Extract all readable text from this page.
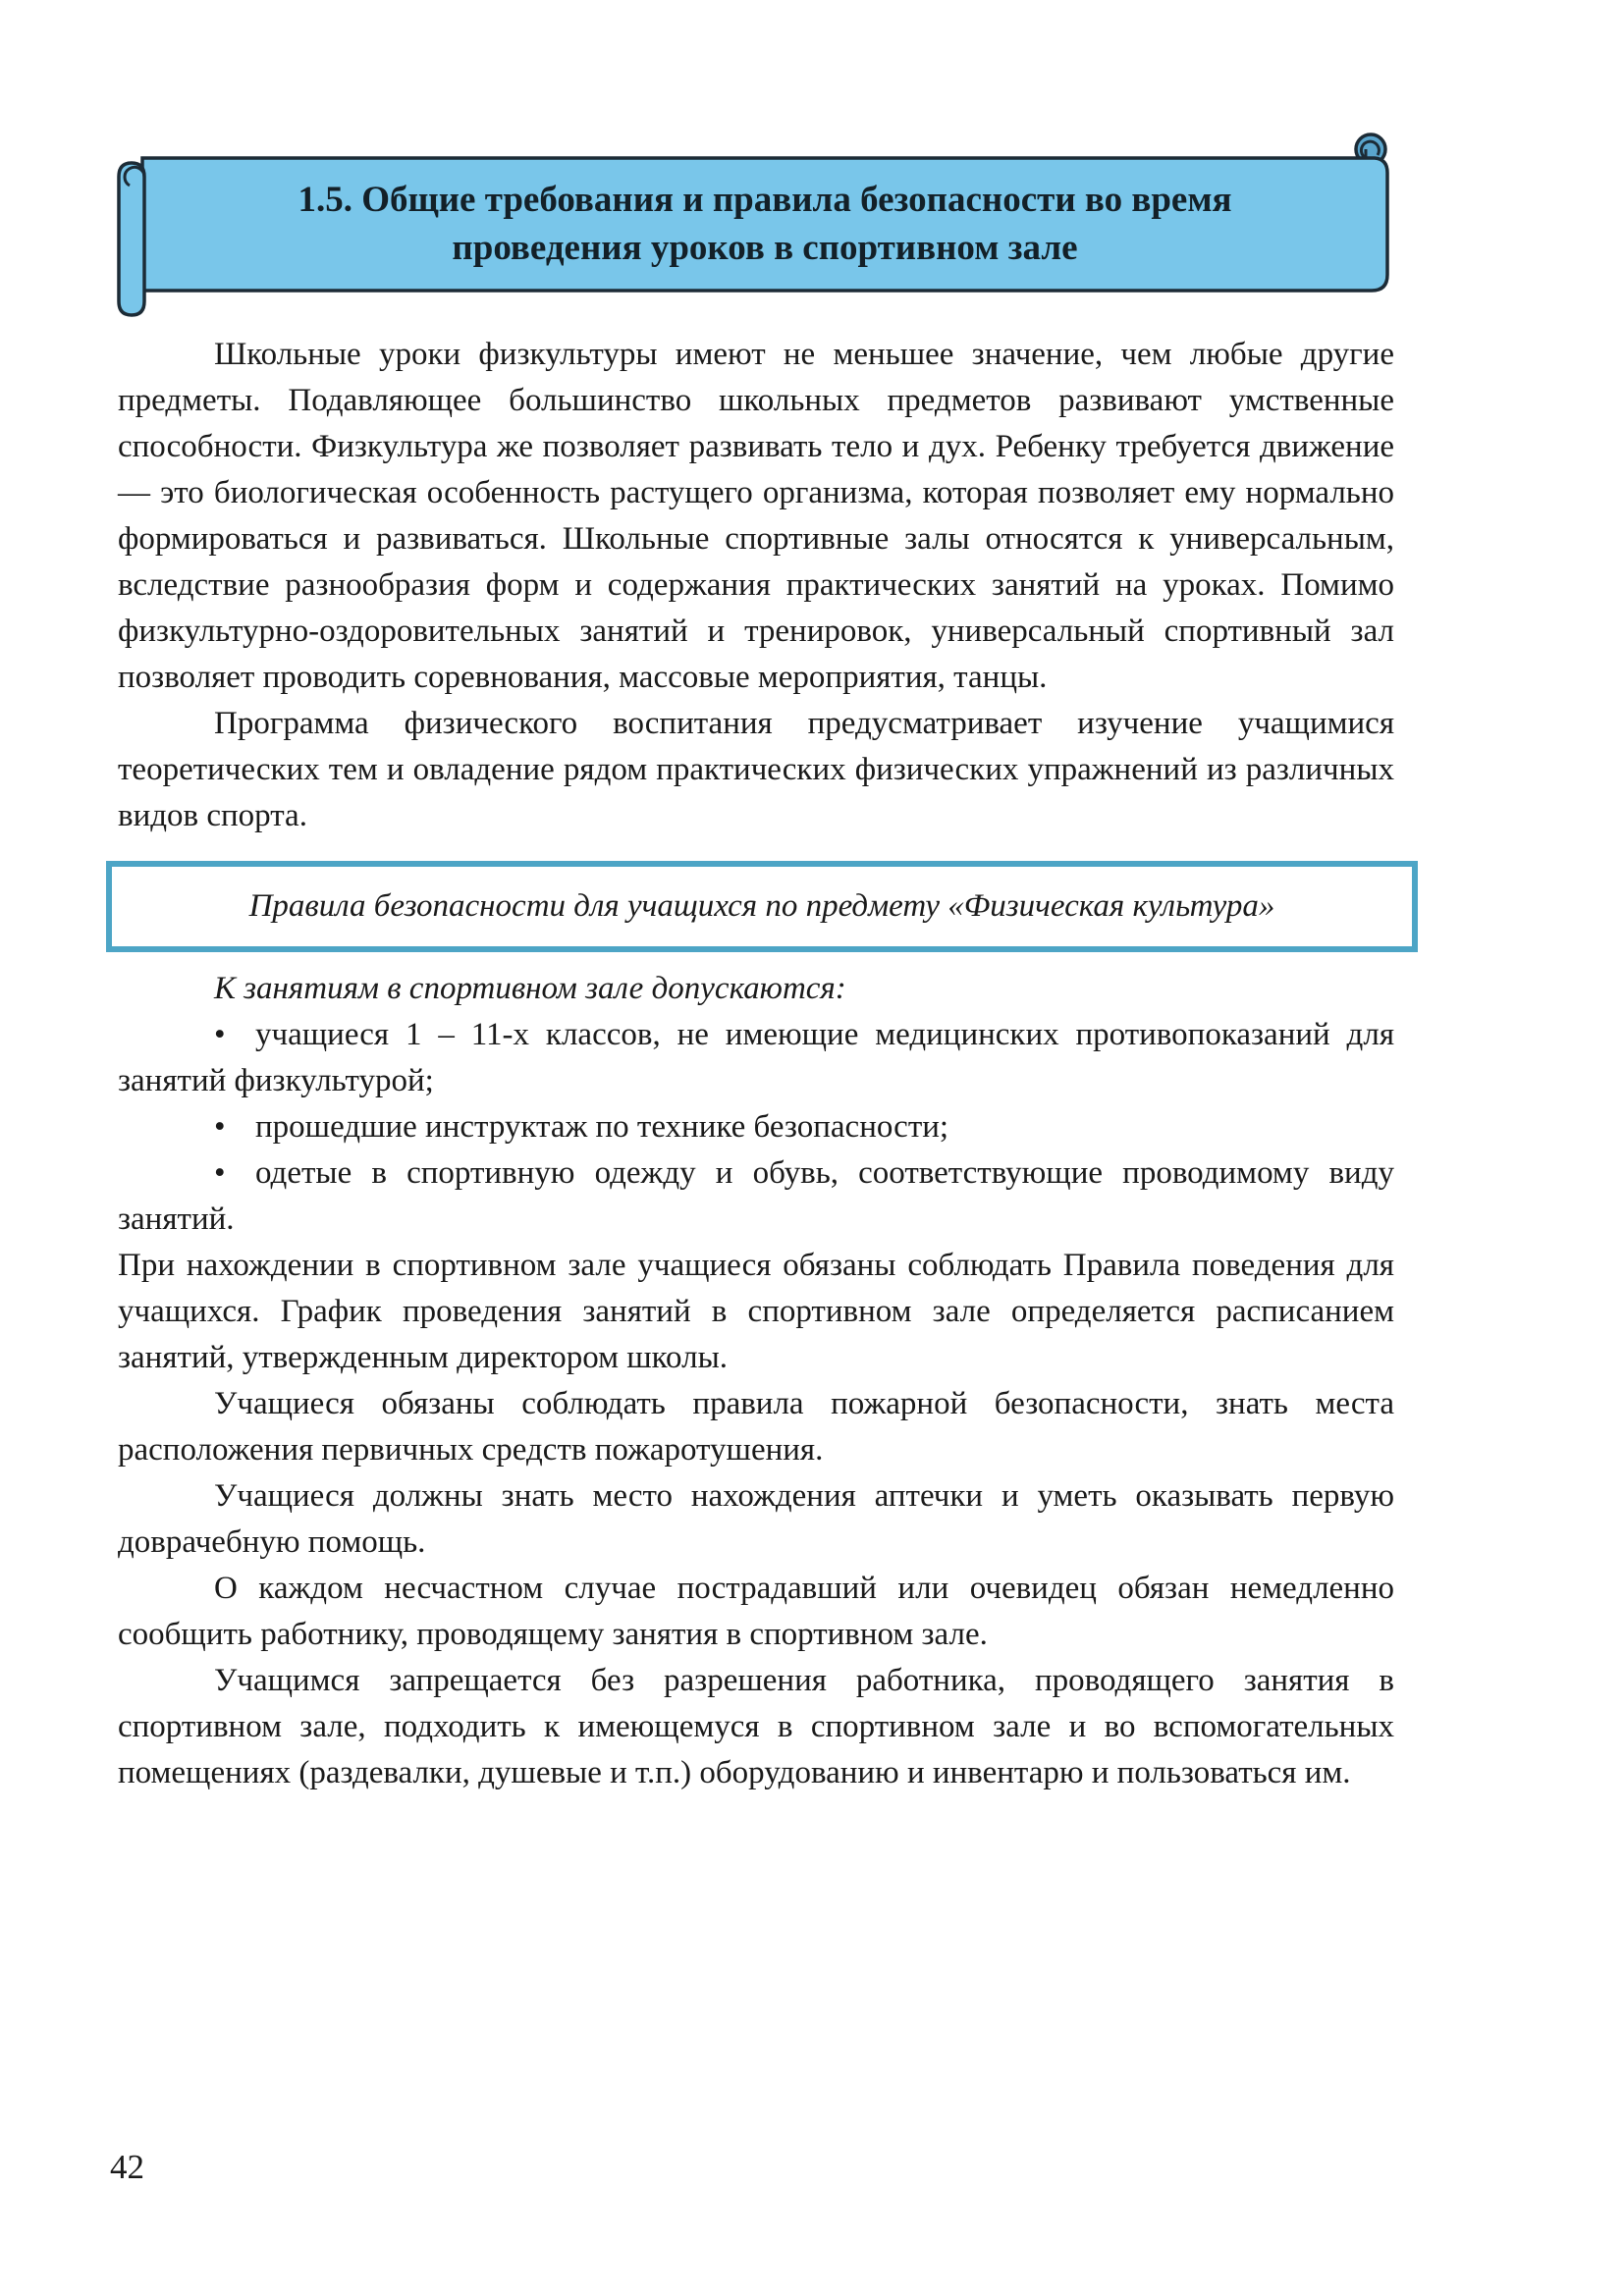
1.5. Общие требования и правила безопасности во время
проведения уроков в спортивном зале

Школьные уроки физкультуры имеют не меньшее значение, чем любые другие предметы. Подавляющее большинство школьных предметов развивают умственные способности. Физкультура же позволяет развивать тело и дух. Ребенку требуется движение — это биологическая особенность растущего организма, которая позволяет ему нормально формироваться и развиваться. Школьные спортивные залы относятся к универсальным, вследствие разнообразия форм и содержания практических занятий на уроках. Помимо физкультурно-оздоровительных занятий и тренировок, универсальный спортивный зал позволяет проводить соревнования, массовые мероприятия, танцы.

Программа физического воспитания предусматривает изучение учащимися теоретических тем и овладение рядом практических физических упражнений из различных видов спорта.

Правила безопасности для учащихся по предмету «Физическая культура»

К занятиям в спортивном зале допускаются:

• учащиеся 1 – 11-х классов, не имеющие медицинских противопоказаний для занятий физкультурой;

• прошедшие инструктаж по технике безопасности;

• одетые в спортивную одежду и обувь, соответствующие проводимому виду занятий.

При нахождении в спортивном зале учащиеся обязаны соблюдать Правила поведения для учащихся. График проведения занятий в спортивном зале определяется расписанием занятий, утвержденным директором школы.

Учащиеся обязаны соблюдать правила пожарной безопасности, знать места расположения первичных средств пожаротушения.

Учащиеся должны знать место нахождения аптечки и уметь оказывать первую доврачебную помощь.

О каждом несчастном случае пострадавший или очевидец обязан немедленно сообщить работнику, проводящему занятия в спортивном зале.

Учащимся запрещается без разрешения работника, проводящего занятия в спортивном зале, подходить к имеющемуся в спортивном зале и во вспомогательных помещениях (раздевалки, душевые и т.п.) оборудованию и инвентарю и пользоваться им.

42
